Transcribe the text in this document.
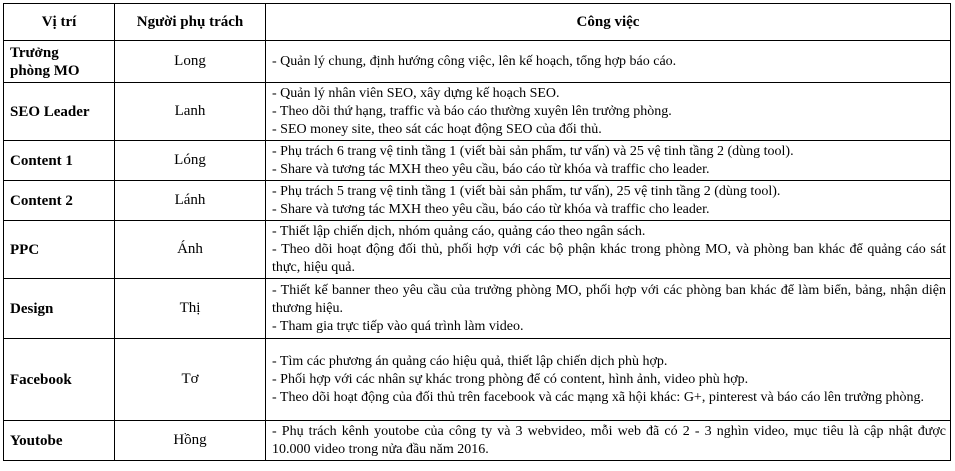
Vị trí	Người phụ trách	Công việc
Trưởng phòng MO	Long	- Quản lý chung, định hướng công việc, lên kế hoạch, tổng hợp báo cáo.

SEO Leader	Lanh	- Quản lý nhân viên SEO, xây dựng kế hoạch SEO.
- Theo dõi thứ hạng, traffic và báo cáo thường xuyên lên trưởng phòng.
- SEO money site, theo sát các hoạt động SEO của đối thủ.

Content 1	Lóng	- Phụ trách 6 trang vệ tinh tầng 1 (viết bài sản phẩm, tư vấn) và 25 vệ tinh tầng 2 (dùng tool).
- Share và tương tác MXH theo yêu cầu, báo cáo từ khóa và traffic cho leader.

Content 2	Lánh	- Phụ trách 5 trang vệ tinh tầng 1 (viết bài sản phẩm, tư vấn), 25 vệ tinh tầng 2 (dùng tool).
- Share và tương tác MXH theo yêu cầu, báo cáo từ khóa và traffic cho leader.

PPC	Ánh	- Thiết lập chiến dịch, nhóm quảng cáo, quảng cáo theo ngân sách.
- Theo dõi hoạt động đối thủ, phối hợp với các bộ phận khác trong phòng MO, và phòng ban khác để quảng cáo sát thực, hiệu quả.

Design	Thị	- Thiết kế banner theo yêu cầu của trưởng phòng MO, phối hợp với các phòng ban khác để làm biển, bảng, nhận diện thương hiệu.
- Tham gia trực tiếp vào quá trình làm video.

Facebook	Tơ	- Tìm các phương án quảng cáo hiệu quả, thiết lập chiến dịch phù hợp.
- Phối hợp với các nhân sự khác trong phòng để có content, hình ảnh, video phù hợp.
- Theo dõi hoạt động của đối thủ trên facebook và các mạng xã hội khác: G+, pinterest và báo cáo lên trưởng phòng.

Youtobe	Hồng	- Phụ trách kênh youtobe của công ty và 3 webvideo, mỗi web đã có 2 - 3 nghìn video, mục tiêu là cập nhật được 10.000 video trong nửa đầu năm 2016.
